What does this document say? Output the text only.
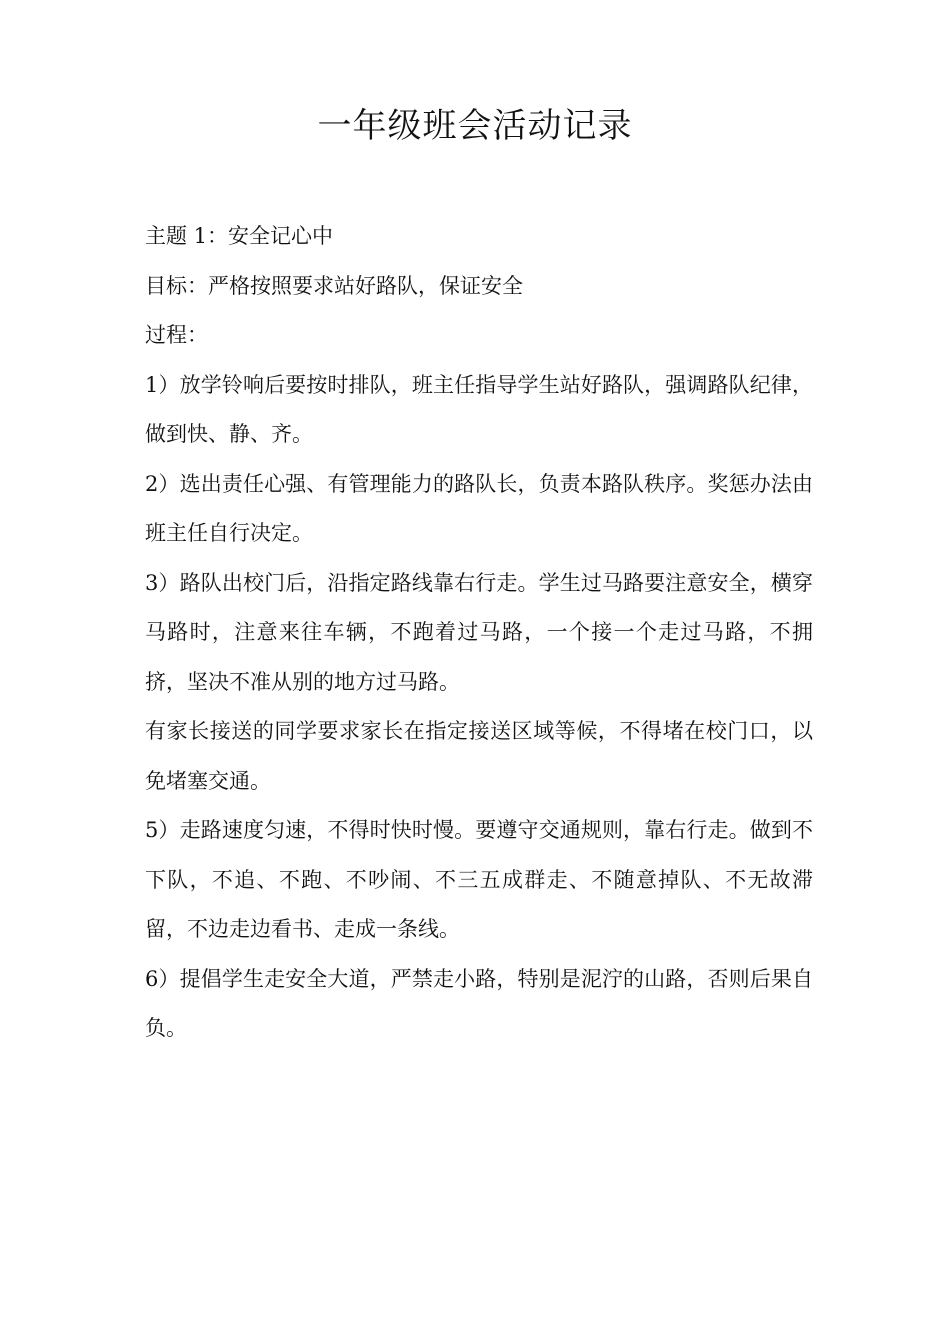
一年级班会活动记录

主题 1：安全记心中

目标：严格按照要求站好路队，保证安全

过程：

1）放学铃响后要按时排队，班主任指导学生站好路队，强调路队纪律，做到快、静、齐。

2）选出责任心强、有管理能力的路队长，负责本路队秩序。奖惩办法由班主任自行决定。

3）路队出校门后，沿指定路线靠右行走。学生过马路要注意安全，横穿马路时，注意来往车辆，不跑着过马路，一个接一个走过马路，不拥挤，坚决不准从别的地方过马路。

有家长接送的同学要求家长在指定接送区域等候，不得堵在校门口，以免堵塞交通。

5）走路速度匀速，不得时快时慢。要遵守交通规则，靠右行走。做到不下队，不追、不跑、不吵闹、不三五成群走、不随意掉队、不无故滞留，不边走边看书、走成一条线。

6）提倡学生走安全大道，严禁走小路，特别是泥泞的山路，否则后果自负。
